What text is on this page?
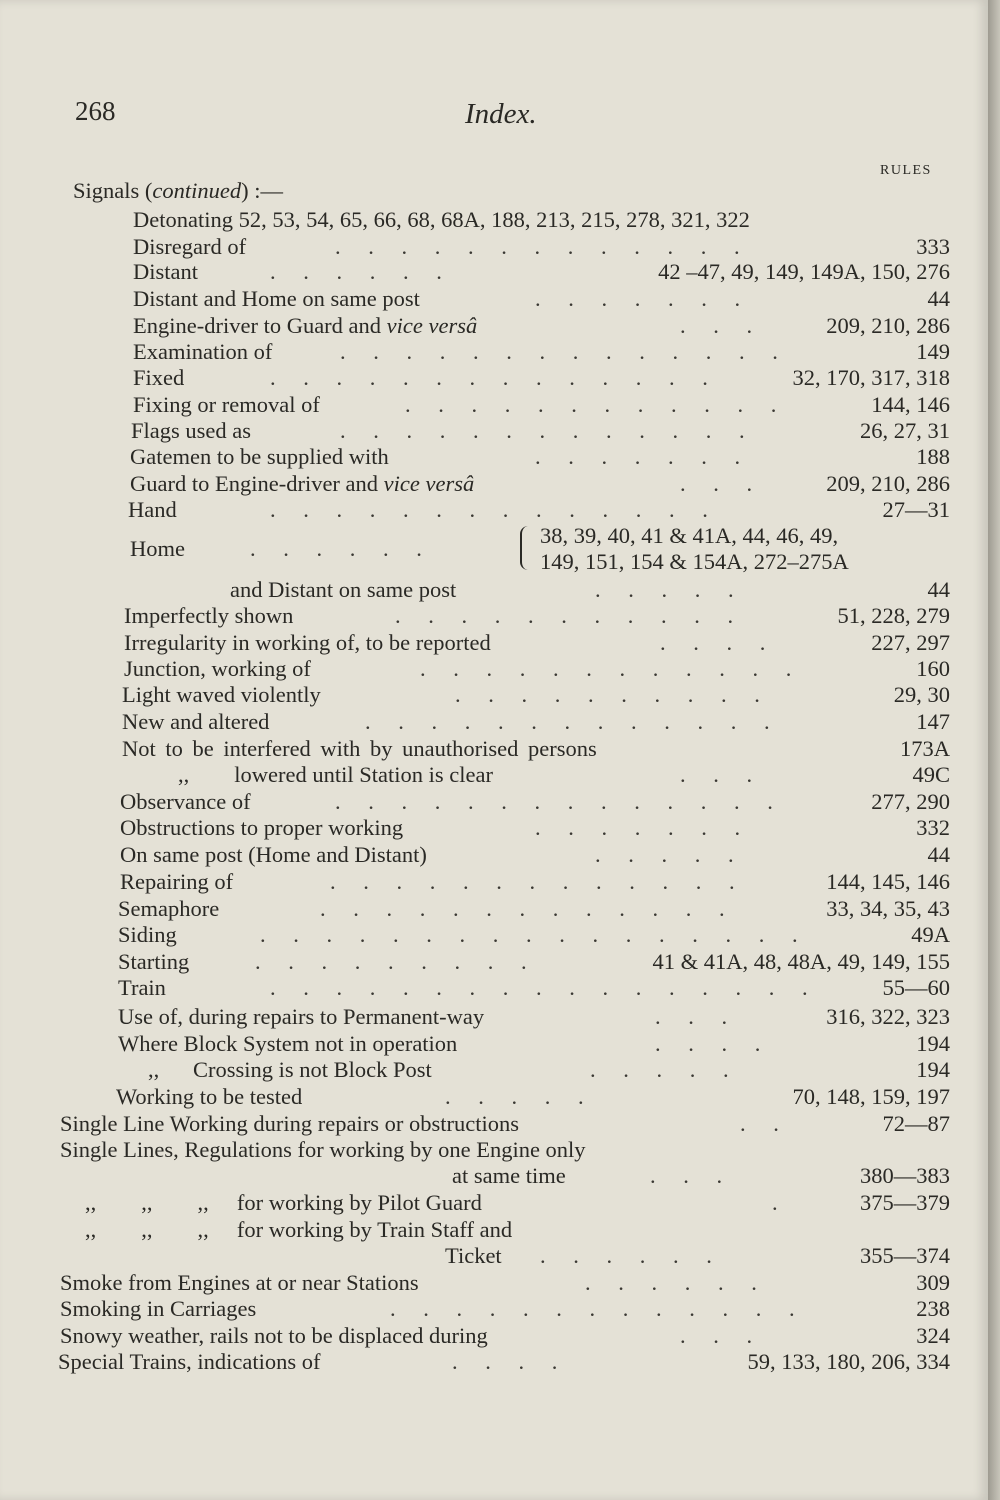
268	Index.
RULES
Signals (continued) :—
Detonating 52, 53, 54, 65, 66, 68, 68A, 188, 213, 215, 278, 321, 322
Disregard of	. . . . . . . . . . . . .	333
Distant	. . . . . .	42 –47, 49, 149, 149A, 150, 276
Distant and Home on same post	. . . . . . .	44
Engine-driver to Guard and vice versâ	. . .	209, 210, 286
Examination of	. . . . . . . . . . . . . .	149
Fixed	. . . . . . . . . . . . . .	32, 170, 317, 318
Fixing or removal of	. . . . . . . . . . . .	144, 146
Flags used as	. . . . . . . . . . . . .	26, 27, 31
Gatemen to be supplied with	. . . . . . .	188
Guard to Engine-driver and vice versâ	. . .	209, 210, 286
Hand	. . . . . . . . . . . . . .	27—31
Home	. . . . . .
38, 39, 40, 41 & 41A, 44, 46, 49,
149, 151, 154 & 154A, 272–275A
and Distant on same post	. . . . .	44
Imperfectly shown	. . . . . . . . . . .	51, 228, 279
Irregularity in working of, to be reported	. . . .	227, 297
Junction, working of	. . . . . . . . . . . .	160
Light waved violently	. . . . . . . . . .	29, 30
New and altered	. . . . . . . . . . . . .	147
Not to be interfered with by unauthorised persons	173A
,,        lowered until Station is clear	. . .	49C
Observance of	. . . . . . . . . . . . . .	277, 290
Obstructions to proper working	. . . . . . .	332
On same post (Home and Distant)	. . . . .	44
Repairing of	. . . . . . . . . . . . .	144, 145, 146
Semaphore	. . . . . . . . . . . . .	33, 34, 35, 43
Siding	. . . . . . . . . . . . . . . . .	49A
Starting	. . . . . . . . .	41 & 41A, 48, 48A, 49, 149, 155
Train	. . . . . . . . . . . . . . . . .	55—60
Use of, during repairs to Permanent-way	. . .	316, 322, 323
Where Block System not in operation	. . . .	194
,,      Crossing is not Block Post	. . . . .	194
Working to be tested	. . . . .	70, 148, 159, 197
Single Line Working during repairs or obstructions	. .	72—87
Single Lines, Regulations for working by one Engine only
at same time	. . .	380—383
,,        ,,        ,,     for working by Pilot Guard	.	375—379
,,        ,,        ,,     for working by Train Staff and
Ticket . . . . . .	355—374
Smoke from Engines at or near Stations	. . . . . .	309
Smoking in Carriages	. . . . . . . . . . . . .	238
Snowy weather, rails not to be displaced during	. . .	324
Special Trains, indications of	. . . .	59, 133, 180, 206, 334
